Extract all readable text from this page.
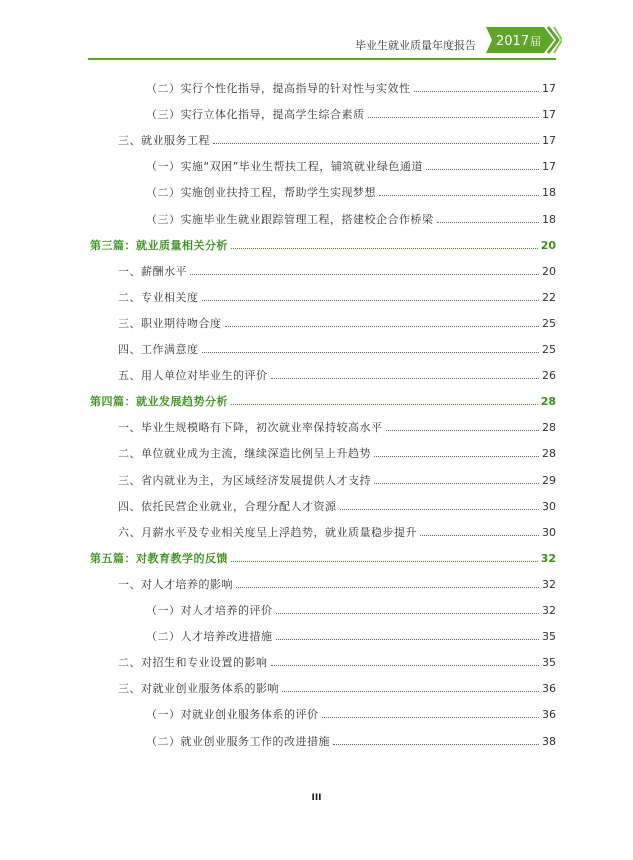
毕业生就业质量年度报告 2017 届
（二）实行个性化指导，提高指导的针对性与实效性	17
（三）实行立体化指导，提高学生综合素质	17
三、就业服务工程	17
（一）实施“双困”毕业生帮扶工程，铺筑就业绿色通道	17
（二）实施创业扶持工程，帮助学生实现梦想	18
（三）实施毕业生就业跟踪管理工程，搭建校企合作桥梁	18
第三篇：就业质量相关分析	20
一、薪酬水平	20
二、专业相关度	22
三、职业期待吻合度	25
四、工作满意度	25
五、用人单位对毕业生的评价	26
第四篇：就业发展趋势分析	28
一、毕业生规模略有下降，初次就业率保持较高水平	28
二、单位就业成为主流，继续深造比例呈上升趋势	28
三、省内就业为主，为区域经济发展提供人才支持	29
四、依托民营企业就业，合理分配人才资源	30
六、月薪水平及专业相关度呈上浮趋势，就业质量稳步提升	30
第五篇：对教育教学的反馈	32
一、对人才培养的影响	32
（一）对人才培养的评价	32
（二）人才培养改进措施	35
二、对招生和专业设置的影响	35
三、对就业创业服务体系的影响	36
（一）对就业创业服务体系的评价	36
（二）就业创业服务工作的改进措施	38
III
